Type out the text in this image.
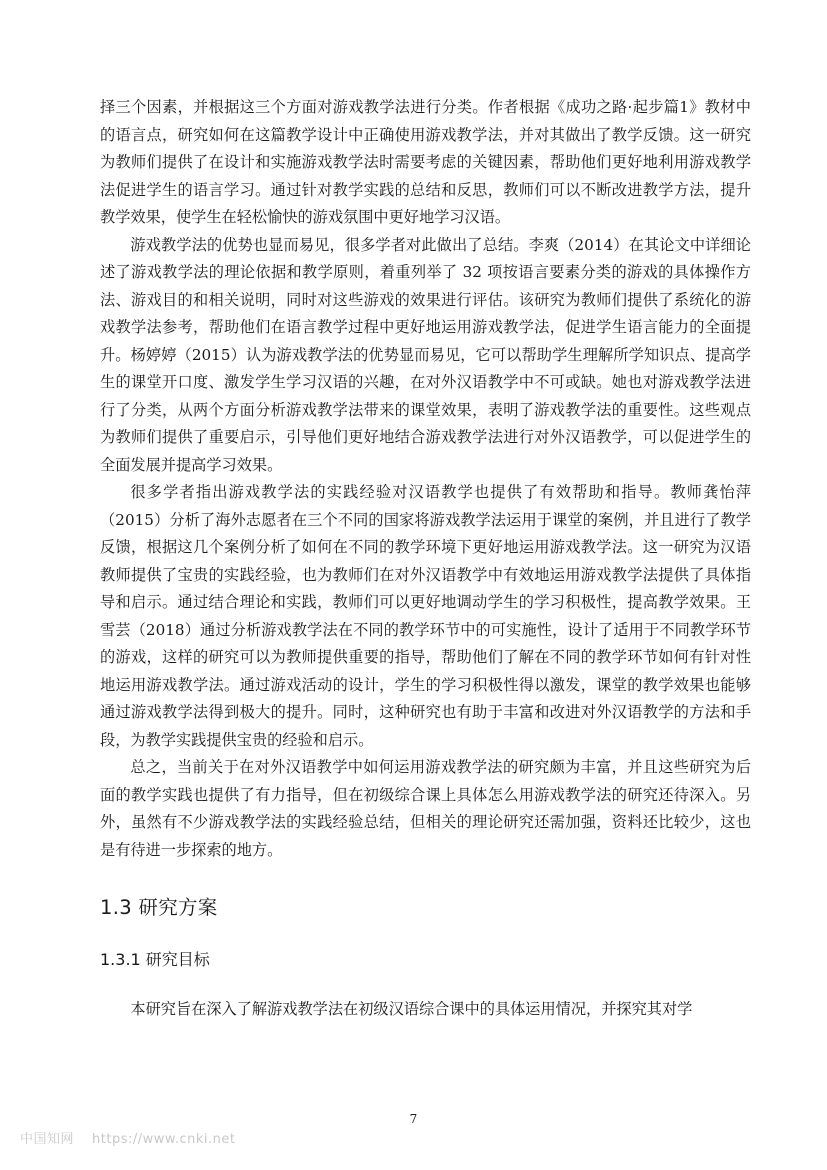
择三个因素，并根据这三个方面对游戏教学法进行分类。作者根据《成功之路·起步篇1》教材中的语言点，研究如何在这篇教学设计中正确使用游戏教学法，并对其做出了教学反馈。这一研究为教师们提供了在设计和实施游戏教学法时需要考虑的关键因素，帮助他们更好地利用游戏教学法促进学生的语言学习。通过针对教学实践的总结和反思，教师们可以不断改进教学方法，提升教学效果，使学生在轻松愉快的游戏氛围中更好地学习汉语。

游戏教学法的优势也显而易见，很多学者对此做出了总结。李爽（2014）在其论文中详细论述了游戏教学法的理论依据和教学原则，着重列举了 32 项按语言要素分类的游戏的具体操作方法、游戏目的和相关说明，同时对这些游戏的效果进行评估。该研究为教师们提供了系统化的游戏教学法参考，帮助他们在语言教学过程中更好地运用游戏教学法，促进学生语言能力的全面提升。杨婷婷（2015）认为游戏教学法的优势显而易见，它可以帮助学生理解所学知识点、提高学生的课堂开口度、激发学生学习汉语的兴趣，在对外汉语教学中不可或缺。她也对游戏教学法进行了分类，从两个方面分析游戏教学法带来的课堂效果，表明了游戏教学法的重要性。这些观点为教师们提供了重要启示，引导他们更好地结合游戏教学法进行对外汉语教学，可以促进学生的全面发展并提高学习效果。

很多学者指出游戏教学法的实践经验对汉语教学也提供了有效帮助和指导。教师龚怡萍（2015）分析了海外志愿者在三个不同的国家将游戏教学法运用于课堂的案例，并且进行了教学反馈，根据这几个案例分析了如何在不同的教学环境下更好地运用游戏教学法。这一研究为汉语教师提供了宝贵的实践经验，也为教师们在对外汉语教学中有效地运用游戏教学法提供了具体指导和启示。通过结合理论和实践，教师们可以更好地调动学生的学习积极性，提高教学效果。王雪芸（2018）通过分析游戏教学法在不同的教学环节中的可实施性，设计了适用于不同教学环节的游戏，这样的研究可以为教师提供重要的指导，帮助他们了解在不同的教学环节如何有针对性地运用游戏教学法。通过游戏活动的设计，学生的学习积极性得以激发，课堂的教学效果也能够通过游戏教学法得到极大的提升。同时，这种研究也有助于丰富和改进对外汉语教学的方法和手段，为教学实践提供宝贵的经验和启示。

总之，当前关于在对外汉语教学中如何运用游戏教学法的研究颇为丰富，并且这些研究为后面的教学实践也提供了有力指导，但在初级综合课上具体怎么用游戏教学法的研究还待深入。另外，虽然有不少游戏教学法的实践经验总结，但相关的理论研究还需加强，资料还比较少，这也是有待进一步探索的地方。

1.3 研究方案
1.3.1 研究目标

本研究旨在深入了解游戏教学法在初级汉语综合课中的具体运用情况，并探究其对学

7
中国知网 https://www.cnki.net
